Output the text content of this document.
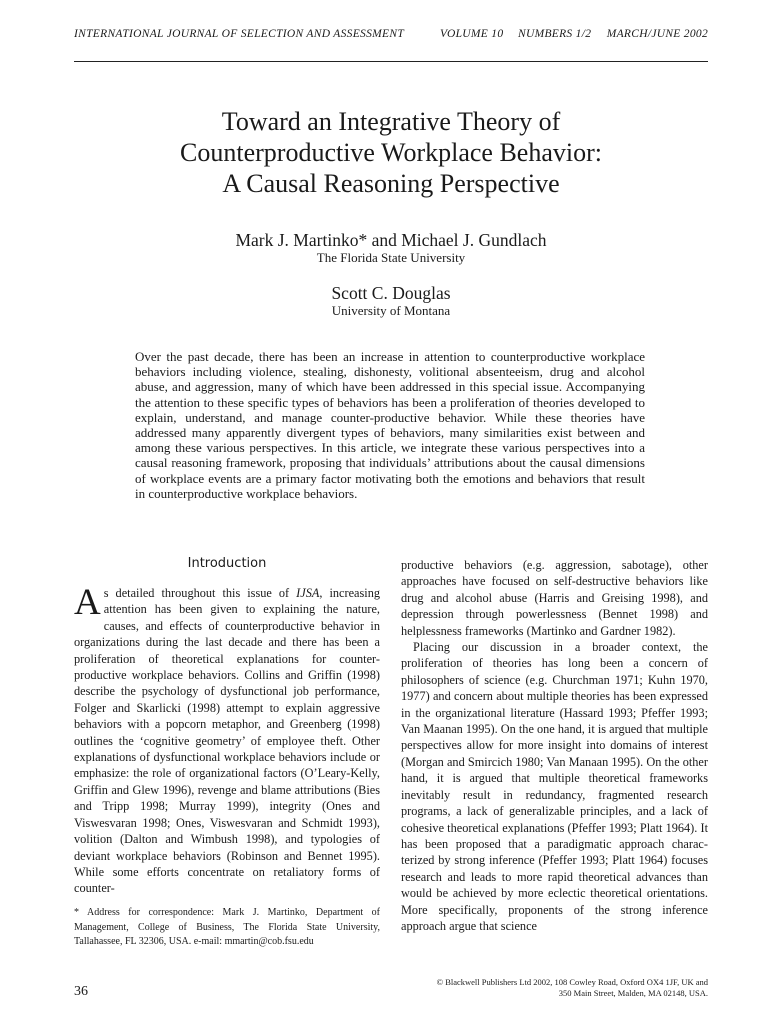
INTERNATIONAL JOURNAL OF SELECTION AND ASSESSMENT	VOLUME 10 NUMBERS 1/2 MARCH/JUNE 2002
Toward an Integrative Theory of
Counterproductive Workplace Behavior:
A Causal Reasoning Perspective
Mark J. Martinko* and Michael J. Gundlach
The Florida State University
Scott C. Douglas
University of Montana
Over the past decade, there has been an increase in attention to counterproductive workplace behaviors including violence, stealing, dishonesty, volitional absenteeism, drug and alcohol abuse, and aggression, many of which have been addressed in this special issue. Accompanying the attention to these specific types of behaviors has been a proliferation of theories developed to explain, understand, and manage counter-productive behavior. While these theories have addressed many apparently divergent types of behaviors, many similarities exist between and among these various perspectives. In this article, we integrate these various perspectives into a causal reasoning framework, proposing that individuals’ attributions about the causal dimensions of workplace events are a primary factor motivating both the emotions and behaviors that result in counterproductive workplace behaviors.
Introduction

As detailed throughout this issue of IJSA, increasing attention has been given to explaining the nature, causes, and effects of counterproductive behavior in organizations during the last decade and there has been a proliferation of theoretical explanations for counter-productive workplace behaviors. Collins and Griffin (1998) describe the psychology of dysfunctional job performance, Folger and Skarlicki (1998) attempt to explain aggressive behaviors with a popcorn metaphor, and Greenberg (1998) outlines the ‘cognitive geometry’ of employee theft. Other explanations of dysfunctional workplace behaviors include or emphasize: the role of organizational factors (O’Leary-Kelly, Griffin and Glew 1996), revenge and blame attributions (Bies and Tripp 1998; Murray 1999), integrity (Ones and Viswesvaran 1998; Ones, Viswesvaran and Schmidt 1993), volition (Dalton and Wimbush 1998), and typologies of deviant workplace behaviors (Robinson and Bennet 1995). While some efforts concentrate on retaliatory forms of counter-

productive behaviors (e.g. aggression, sabotage), other approaches have focused on self-destructive behaviors like drug and alcohol abuse (Harris and Greising 1998), and depression through powerlessness (Bennet 1998) and helplessness frameworks (Martinko and Gardner 1982).

Placing our discussion in a broader context, the proliferation of theories has long been a concern of philosophers of science (e.g. Churchman 1971; Kuhn 1970, 1977) and concern about multiple theories has been expressed in the organizational literature (Hassard 1993; Pfeffer 1993; Van Maanan 1995). On the one hand, it is argued that multiple perspectives allow for more insight into domains of interest (Morgan and Smircich 1980; Van Manaan 1995). On the other hand, it is argued that multiple theoretical frameworks inevitably result in redundancy, fragmented research programs, a lack of generalizable principles, and a lack of cohesive theoretical explanations (Pfeffer 1993; Platt 1964). It has been proposed that a paradigmatic approach charac-terized by strong inference (Pfeffer 1993; Platt 1964) focuses research and leads to more rapid theoretical advances than would be achieved by more eclectic theoretical orientations. More specifically, proponents of the strong inference approach argue that science

* Address for correspondence: Mark J. Martinko, Department of Management, College of Business, The Florida State University, Tallahassee, FL 32306, USA. e-mail: mmartin@cob.fsu.edu
36
© Blackwell Publishers Ltd 2002, 108 Cowley Road, Oxford OX4 1JF, UK and
350 Main Street, Malden, MA 02148, USA.
